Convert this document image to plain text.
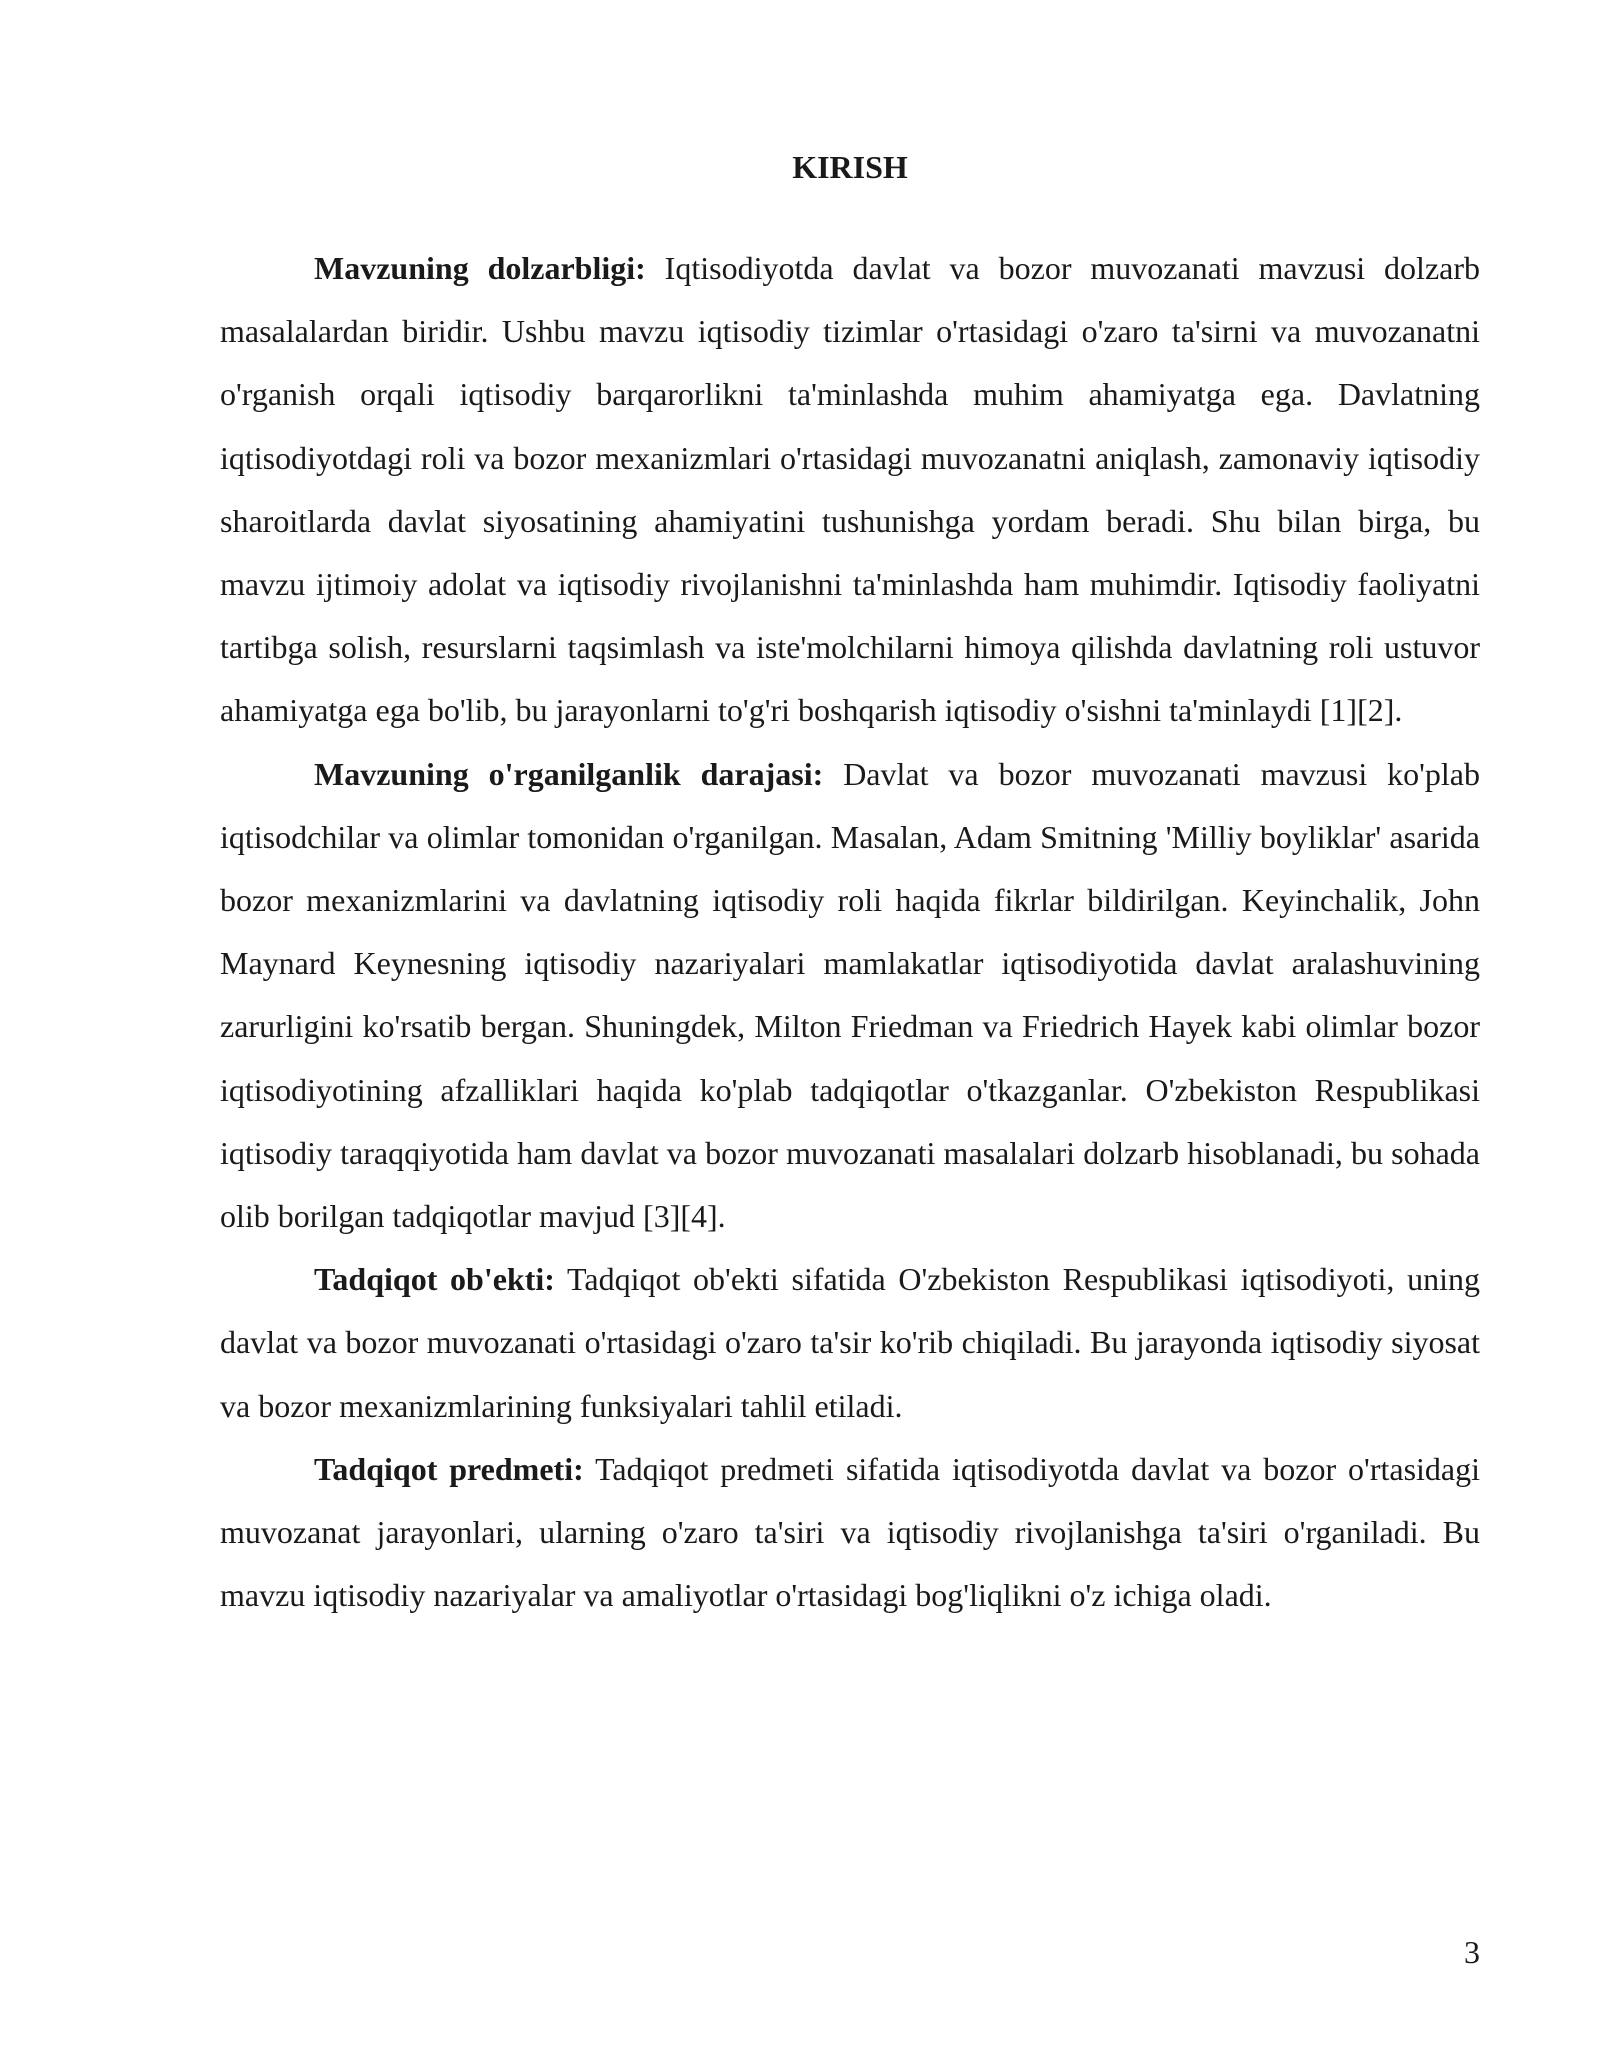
KIRISH

Mavzuning dolzarbligi: Iqtisodiyotda davlat va bozor muvozanati mavzusi dolzarb masalalardan biridir. Ushbu mavzu iqtisodiy tizimlar o'rtasidagi o'zaro ta'sirni va muvozanatni o'rganish orqali iqtisodiy barqarorlikni ta'minlashda muhim ahamiyatga ega. Davlatning iqtisodiyotdagi roli va bozor mexanizmlari o'rtasidagi muvozanatni aniqlash, zamonaviy iqtisodiy sharoitlarda davlat siyosatining ahamiyatini tushunishga yordam beradi. Shu bilan birga, bu mavzu ijtimoiy adolat va iqtisodiy rivojlanishni ta'minlashda ham muhimdir. Iqtisodiy faoliyatni tartibga solish, resurslarni taqsimlash va iste'molchilarni himoya qilishda davlatning roli ustuvor ahamiyatga ega bo'lib, bu jarayonlarni to'g'ri boshqarish iqtisodiy o'sishni ta'minlaydi [1][2].

Mavzuning o'rganilganlik darajasi: Davlat va bozor muvozanati mavzusi ko'plab iqtisodchilar va olimlar tomonidan o'rganilgan. Masalan, Adam Smitning 'Milliy boyliklar' asarida bozor mexanizmlarini va davlatning iqtisodiy roli haqida fikrlar bildirilgan. Keyinchalik, John Maynard Keynesning iqtisodiy nazariyalari mamlakatlar iqtisodiyotida davlat aralashuvining zarurligini ko'rsatib bergan. Shuningdek, Milton Friedman va Friedrich Hayek kabi olimlar bozor iqtisodiyotining afzalliklari haqida ko'plab tadqiqotlar o'tkazganlar. O'zbekiston Respublikasi iqtisodiy taraqqiyotida ham davlat va bozor muvozanati masalalari dolzarb hisoblanadi, bu sohada olib borilgan tadqiqotlar mavjud [3][4].

Tadqiqot ob'ekti: Tadqiqot ob'ekti sifatida O'zbekiston Respublikasi iqtisodiyoti, uning davlat va bozor muvozanati o'rtasidagi o'zaro ta'sir ko'rib chiqiladi. Bu jarayonda iqtisodiy siyosat va bozor mexanizmlarining funksiyalari tahlil etiladi.

Tadqiqot predmeti: Tadqiqot predmeti sifatida iqtisodiyotda davlat va bozor o'rtasidagi muvozanat jarayonlari, ularning o'zaro ta'siri va iqtisodiy rivojlanishga ta'siri o'rganiladi. Bu mavzu iqtisodiy nazariyalar va amaliyotlar o'rtasidagi bog'liqlikni o'z ichiga oladi.

3
